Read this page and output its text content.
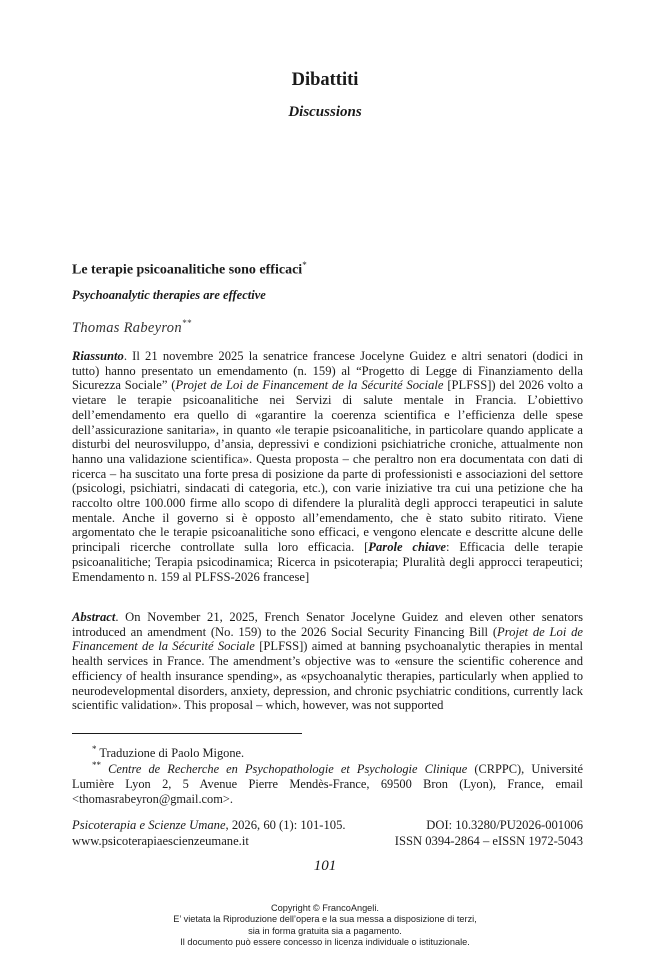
Dibattiti
Discussions
Le terapie psicoanalitiche sono efficaci*
Psychoanalytic therapies are effective
Thomas Rabeyron**
Riassunto. Il 21 novembre 2025 la senatrice francese Jocelyne Guidez e altri senatori (dodici in tutto) hanno presentato un emendamento (n. 159) al “Progetto di Legge di Finanziamento della Sicurezza Sociale” (Projet de Loi de Financement de la Sécurité Sociale [PLFSS]) del 2026 volto a vietare le terapie psicoanalitiche nei Servizi di salute mentale in Francia. L’obiettivo dell’emendamento era quello di «garantire la coerenza scientifica e l’efficienza delle spese dell’assicurazione sanitaria», in quanto «le terapie psicoanalitiche, in particolare quando applicate a disturbi del neurosviluppo, d’ansia, depressivi e condizioni psichiatriche croniche, attualmente non hanno una validazione scientifica». Questa proposta – che peraltro non era documentata con dati di ricerca – ha suscitato una forte presa di posizione da parte di professionisti e associazioni del settore (psicologi, psichiatri, sindacati di categoria, etc.), con varie iniziative tra cui una petizione che ha raccolto oltre 100.000 firme allo scopo di difendere la pluralità degli approcci terapeutici in salute mentale. Anche il governo si è opposto all’emendamento, che è stato subito ritirato. Viene argomentato che le terapie psicoanalitiche sono efficaci, e vengono elencate e descritte alcune delle principali ricerche controllate sulla loro efficacia. [Parole chiave: Efficacia delle terapie psicoanalitiche; Terapia psicodinamica; Ricerca in psicoterapia; Pluralità degli approcci terapeutici; Emendamento n. 159 al PLFSS-2026 francese]
Abstract. On November 21, 2025, French Senator Jocelyne Guidez and eleven other senators introduced an amendment (No. 159) to the 2026 Social Security Financing Bill (Projet de Loi de Financement de la Sécurité Sociale [PLFSS]) aimed at banning psychoanalytic therapies in mental health services in France. The amendment’s objective was to «ensure the scientific coherence and efficiency of health insurance spending», as «psychoanalytic therapies, particularly when applied to neurodevelopmental disorders, anxiety, depression, and chronic psychiatric conditions, currently lack scientific validation». This proposal – which, however, was not supported
* Traduzione di Paolo Migone.
** Centre de Recherche en Psychopathologie et Psychologie Clinique (CRPPC), Université Lumière Lyon 2, 5 Avenue Pierre Mendès-France, 69500 Bron (Lyon), France, email <thomasrabeyron@gmail.com>.
Psicoterapia e Scienze Umane, 2026, 60 (1): 101-105.	DOI: 10.3280/PU2026-001006
www.psicoterapiaescienzeumane.it	ISSN 0394-2864 – eISSN 1972-5043
101
Copyright © FrancoAngeli.
E’ vietata la Riproduzione dell’opera e la sua messa a disposizione di terzi,
sia in forma gratuita sia a pagamento.
Il documento può essere concesso in licenza individuale o istituzionale.
